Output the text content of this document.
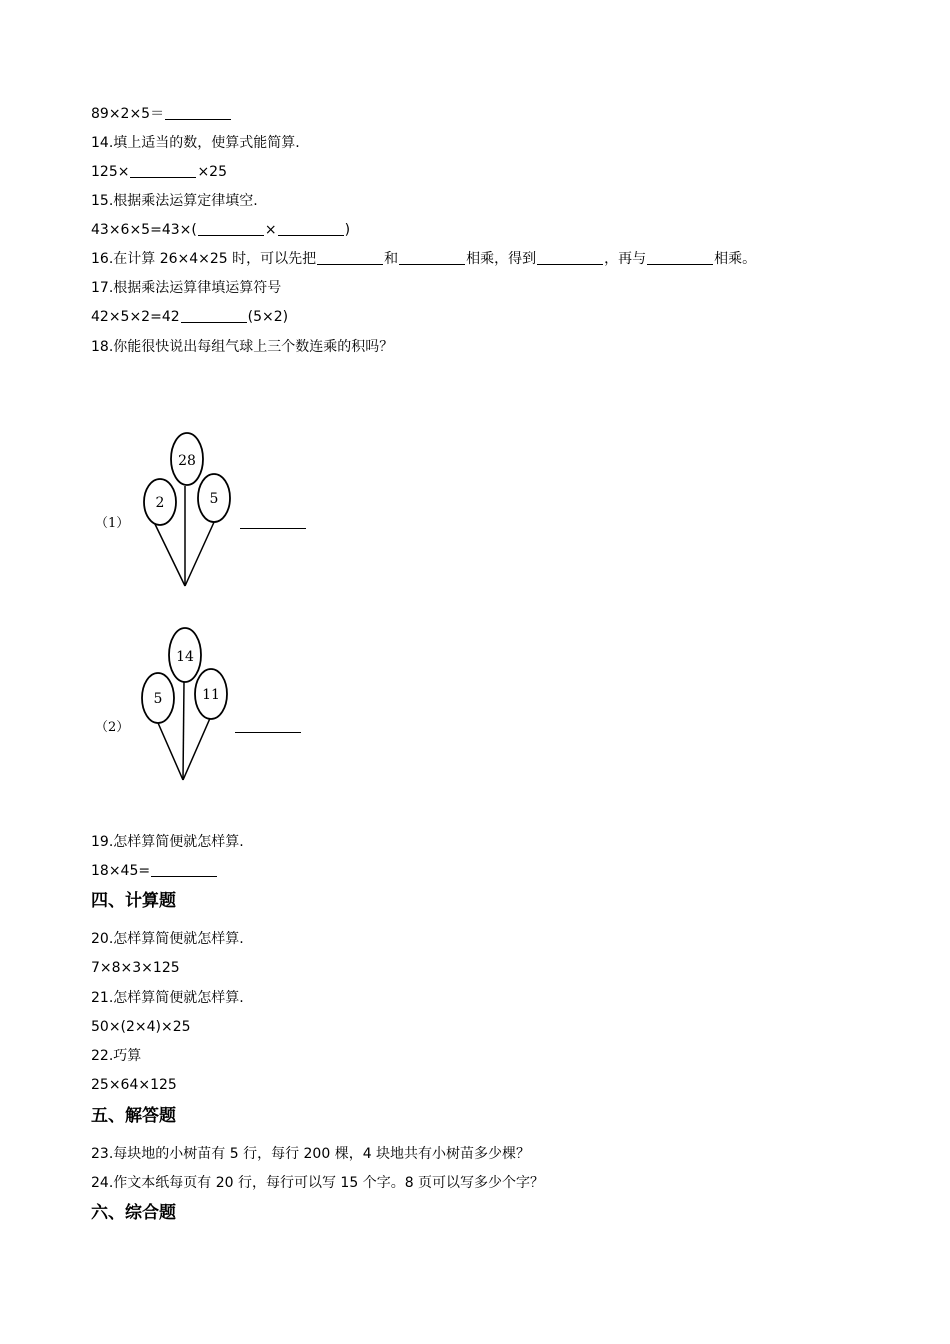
89×2×5＝
14.填上适当的数，使算式能简算.
125×	×25
15.根据乘法运算定律填空.
43×6×5=43×(	×	)
16.在计算 26×4×25 时，可以先把	和	相乘，得到	，再与	相乘。
17.根据乘法运算律填运算符号
42×5×2=42	(5×2)
18.你能很快说出每组气球上三个数连乘的积吗？
（1）
2
28
5
（2）
5
14
11
19.怎样算简便就怎样算.
18×45=
四、计算题
20.怎样算简便就怎样算.
7×8×3×125
21.怎样算简便就怎样算.
50×(2×4)×25
22.巧算
25×64×125
五、解答题
23.每块地的小树苗有 5 行，每行 200 棵，4 块地共有小树苗多少棵？
24.作文本纸每页有 20 行，每行可以写 15 个字。8 页可以写多少个字？
六、综合题
